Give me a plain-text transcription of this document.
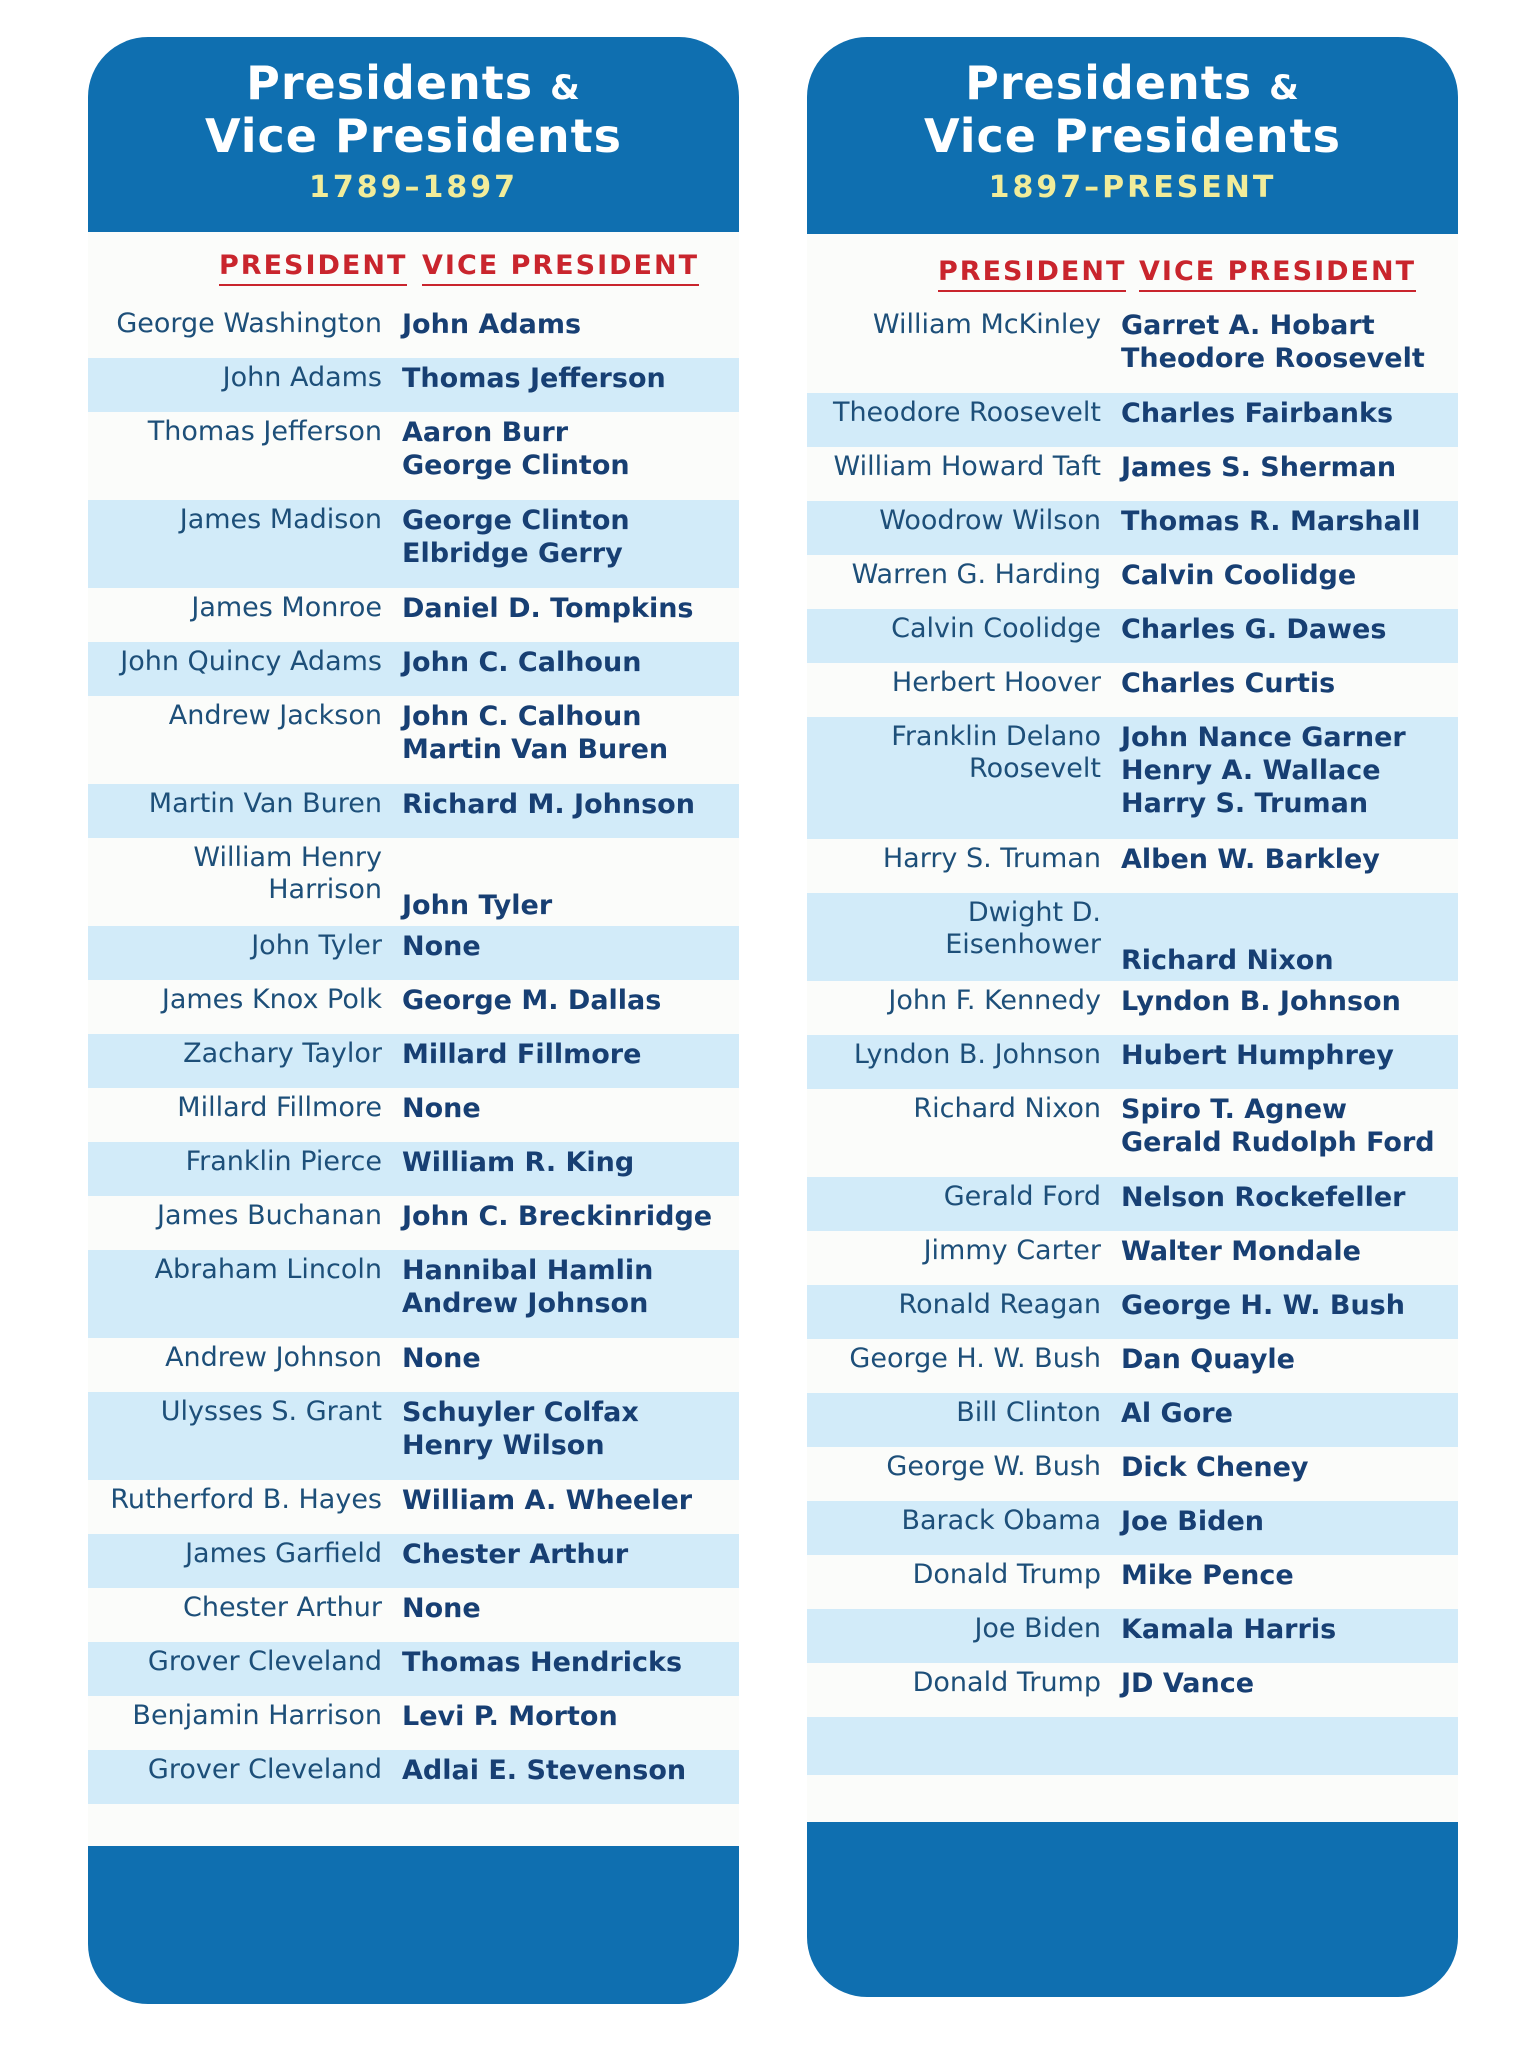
Presidents &
Vice Presidents
1789–1897
PRESIDENT VICE PRESIDENT
George Washington John Adams
John Adams Thomas Jefferson
Thomas Jefferson Aaron Burr
George Clinton
James Madison George Clinton
Elbridge Gerry
James Monroe Daniel D. Tompkins
John Quincy Adams John C. Calhoun
Andrew Jackson John C. Calhoun
Martin Van Buren
Martin Van Buren Richard M. Johnson
William Henry
Harrison
John Tyler
John Tyler None
James Knox Polk George M. Dallas
Zachary Taylor Millard Fillmore
Millard Fillmore None
Franklin Pierce William R. King
James Buchanan John C. Breckinridge
Abraham Lincoln Hannibal Hamlin
Andrew Johnson
Andrew Johnson None
Ulysses S. Grant Schuyler Colfax
Henry Wilson
Rutherford B. Hayes William A. Wheeler
James Garfield Chester Arthur
Chester Arthur None
Grover Cleveland Thomas Hendricks
Benjamin Harrison Levi P. Morton
Grover Cleveland Adlai E. Stevenson
Presidents &
Vice Presidents
1897–PRESENT
PRESIDENT VICE PRESIDENT
William McKinley Garret A. Hobart
Theodore Roosevelt
Theodore Roosevelt Charles Fairbanks
William Howard Taft James S. Sherman
Woodrow Wilson Thomas R. Marshall
Warren G. Harding Calvin Coolidge
Calvin Coolidge Charles G. Dawes
Herbert Hoover Charles Curtis
Franklin Delano
Roosevelt
John Nance Garner
Henry A. Wallace
Harry S. Truman
Harry S. Truman Alben W. Barkley
Dwight D.
Eisenhower
Richard Nixon
John F. Kennedy Lyndon B. Johnson
Lyndon B. Johnson Hubert Humphrey
Richard Nixon Spiro T. Agnew
Gerald Rudolph Ford
Gerald Ford Nelson Rockefeller
Jimmy Carter Walter Mondale
Ronald Reagan George H. W. Bush
George H. W. Bush Dan Quayle
Bill Clinton Al Gore
George W. Bush Dick Cheney
Barack Obama Joe Biden
Donald Trump Mike Pence
Joe Biden Kamala Harris
Donald Trump JD Vance
